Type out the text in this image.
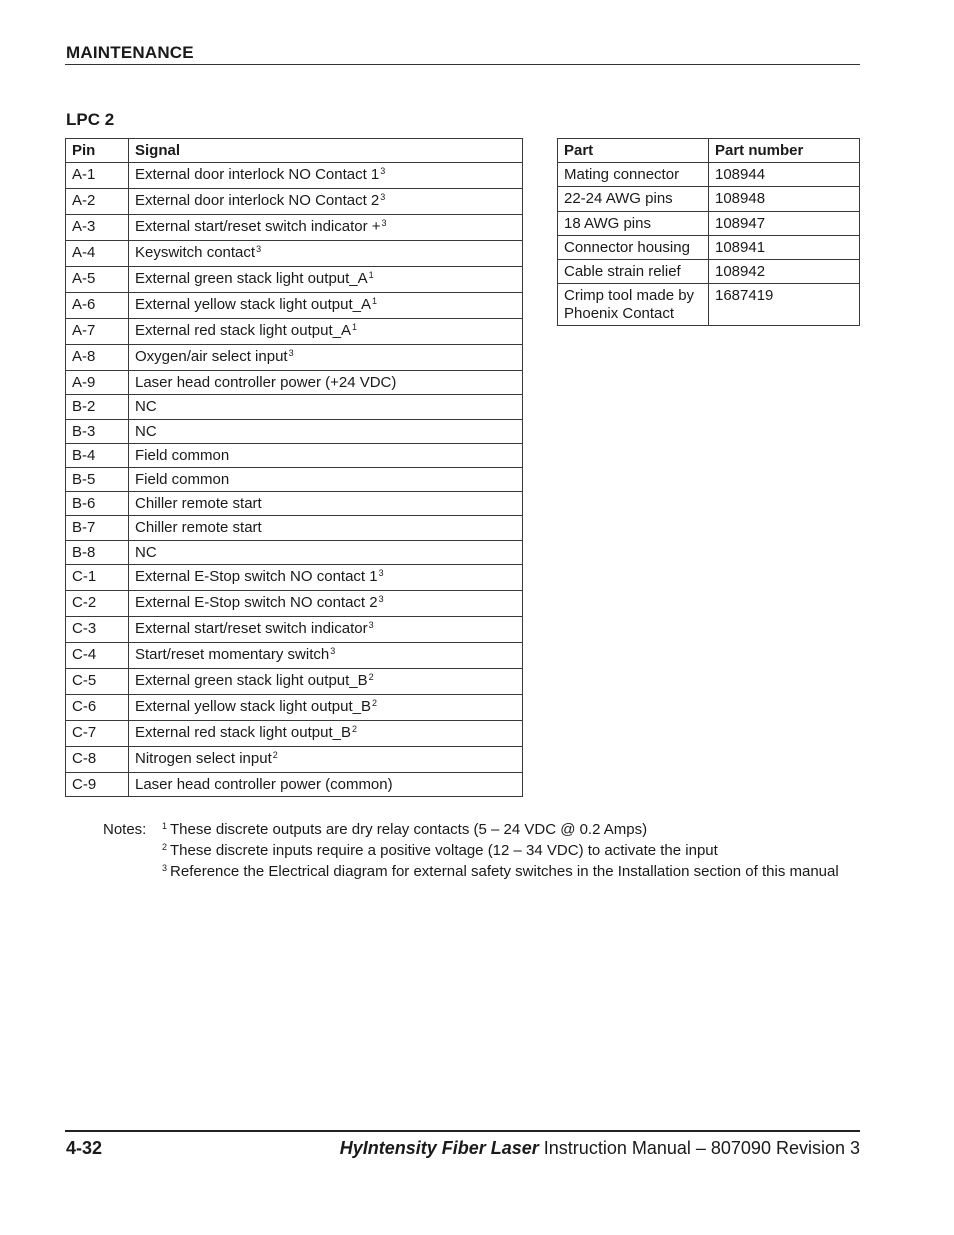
MAINTENANCE
LPC 2
Pin	Signal
A-1	External door interlock NO Contact $1^3$
A-2	External door interlock NO Contact $2^3$
A-3	External start/reset switch indicator +$^3$
A-4	Keyswitch contact$^3$
A-5	External green stack light $output\_A^1$
A-6	External yellow stack light $output\_A^1$
A-7	External red stack light $output\_A^1$
A-8	Oxygen/air select input$^3$
A-9	Laser head controller power (+24 VDC)
B-2	NC
B-3	NC
B-4	Field common
B-5	Field common
B-6	Chiller remote start
B-7	Chiller remote start
B-8	NC
C-1	External E-Stop switch NO contact $1^3$
C-2	External E-Stop switch NO contact $2^3$
C-3	External start/reset switch indicator$^3$
C-4	Start/reset momentary switch$^3$
C-5	External green stack light $output\_B^2$
C-6	External yellow stack light $output\_B^2$
C-7	External red stack light $output\_B^2$
C-8	Nitrogen select input$^2$
C-9	Laser head controller power (common)
Part	Part number
Mating connector	108944
22-24 AWG pins	108948
18 AWG pins	108947
Connector housing	108941
Cable strain relief	108942
Crimp tool made by
Phoenix Contact	1687419
Notes: $^1$ These discrete outputs are dry relay contacts (5 – 24 VDC @ 0.2 Amps)
$^2$ These discrete inputs require a positive voltage (12 – 34 VDC) to activate the input
$^3$ Reference the Electrical diagram for external safety switches in the Installation section of this manual
4-32	HyIntensity Fiber Laser Instruction Manual – 807090 Revision 3
